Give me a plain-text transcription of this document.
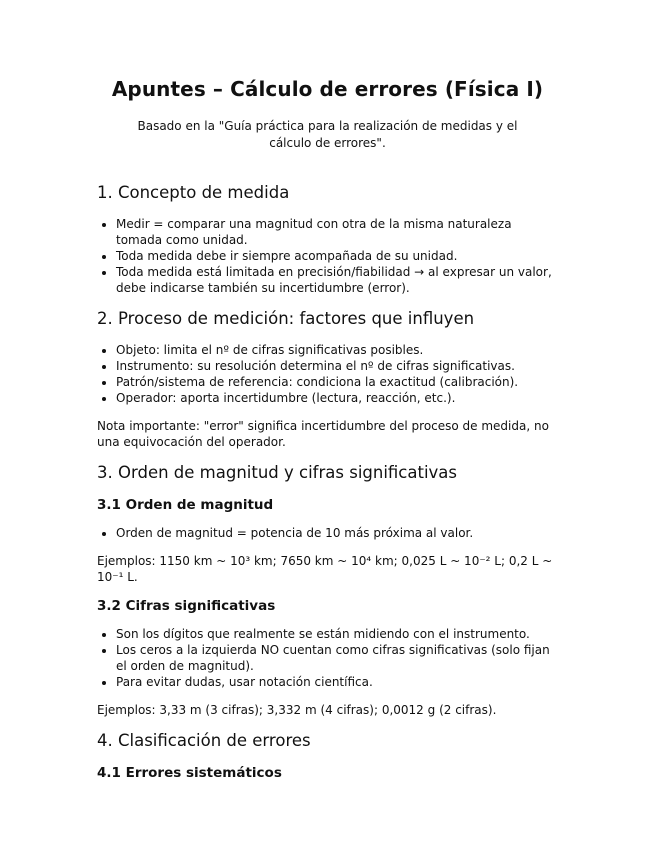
Apuntes – Cálculo de errores (Física I)
Basado en la "Guía práctica para la realización de medidas y el cálculo de errores".
1. Concepto de medida
• Medir = comparar una magnitud con otra de la misma naturaleza tomada como unidad.
• Toda medida debe ir siempre acompañada de su unidad.
• Toda medida está limitada en precisión/fiabilidad → al expresar un valor, debe indicarse también su incertidumbre (error).
2. Proceso de medición: factores que influyen
• Objeto: limita el nº de cifras significativas posibles.
• Instrumento: su resolución determina el nº de cifras significativas.
• Patrón/sistema de referencia: condiciona la exactitud (calibración).
• Operador: aporta incertidumbre (lectura, reacción, etc.).

Nota importante: "error" significa incertidumbre del proceso de medida, no una equivocación del operador.

3. Orden de magnitud y cifras significativas
3.1 Orden de magnitud
• Orden de magnitud = potencia de 10 más próxima al valor.

Ejemplos: 1150 km ~ 10³ km; 7650 km ~ 10⁴ km; 0,025 L ~ 10⁻² L; 0,2 L ~ 10⁻¹ L.

3.2 Cifras significativas
• Son los dígitos que realmente se están midiendo con el instrumento.
• Los ceros a la izquierda NO cuentan como cifras significativas (solo fijan el orden de magnitud).
• Para evitar dudas, usar notación científica.

Ejemplos: 3,33 m (3 cifras); 3,332 m (4 cifras); 0,0012 g (2 cifras).

4. Clasificación de errores
4.1 Errores sistemáticos
